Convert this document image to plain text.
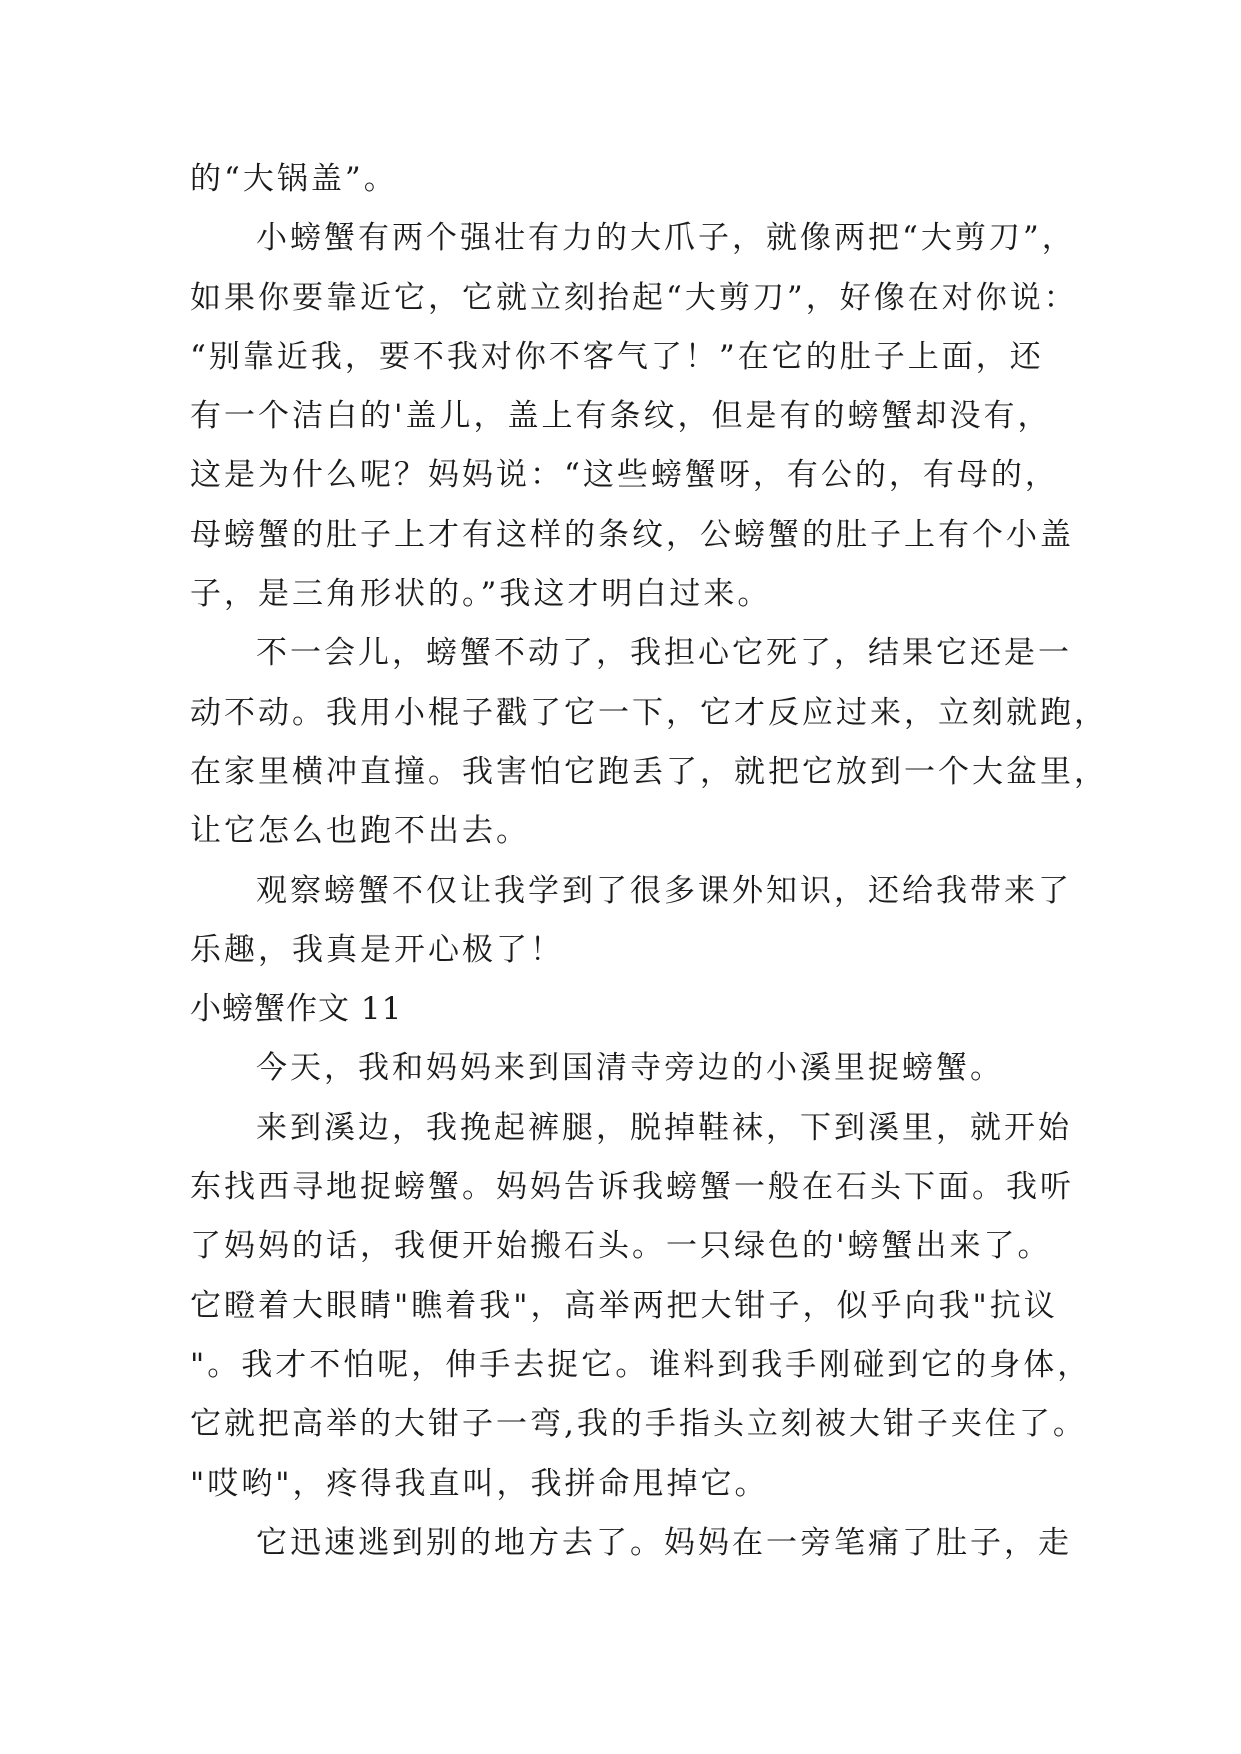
的“大锅盖”。
小螃蟹有两个强壮有力的大爪子，就像两把“大剪刀”，
如果你要靠近它，它就立刻抬起“大剪刀”，好像在对你说：
“别靠近我，要不我对你不客气了！”在它的肚子上面，还
有一个洁白的'盖儿，盖上有条纹，但是有的螃蟹却没有，
这是为什么呢？妈妈说：“这些螃蟹呀，有公的，有母的，
母螃蟹的肚子上才有这样的条纹，公螃蟹的肚子上有个小盖
子，是三角形状的。”我这才明白过来。
不一会儿，螃蟹不动了，我担心它死了，结果它还是一
动不动。我用小棍子戳了它一下，它才反应过来，立刻就跑，
在家里横冲直撞。我害怕它跑丢了，就把它放到一个大盆里，
让它怎么也跑不出去。
观察螃蟹不仅让我学到了很多课外知识，还给我带来了
乐趣，我真是开心极了！
小螃蟹作文 11
今天，我和妈妈来到国清寺旁边的小溪里捉螃蟹。
来到溪边，我挽起裤腿，脱掉鞋袜，下到溪里，就开始
东找西寻地捉螃蟹。妈妈告诉我螃蟹一般在石头下面。我听
了妈妈的话，我便开始搬石头。一只绿色的'螃蟹出来了。
它瞪着大眼睛"瞧着我"，高举两把大钳子，似乎向我"抗议
"。我才不怕呢，伸手去捉它。谁料到我手刚碰到它的身体，
它就把高举的大钳子一弯,我的手指头立刻被大钳子夹住了。
"哎哟"，疼得我直叫，我拼命甩掉它。
它迅速逃到别的地方去了。妈妈在一旁笔痛了肚子，走
